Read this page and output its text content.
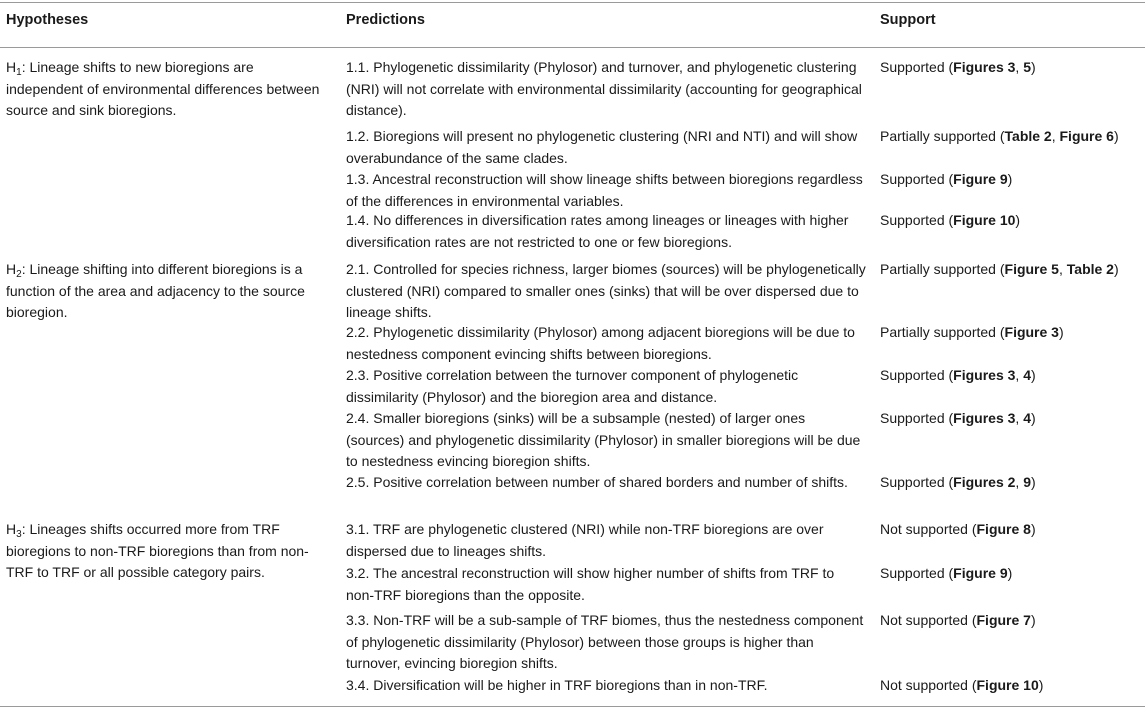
Hypotheses	Predictions	Support
$H_1$: Lineage shifts to new bioregions are independent of environmental differences between source and sink bioregions.
$H_2$: Lineage shifting into different bioregions is a function of the area and adjacency to the source bioregion.
$H_3$: Lineages shifts occurred more from TRF bioregions to non-TRF bioregions than from non-TRF to TRF or all possible category pairs.
1.1. Phylogenetic dissimilarity (Phylosor) and turnover, and phylogenetic clustering (NRI) will not correlate with environmental dissimilarity (accounting for geographical distance).
1.2. Bioregions will present no phylogenetic clustering (NRI and NTI) and will show overabundance of the same clades.
1.3. Ancestral reconstruction will show lineage shifts between bioregions regardless of the differences in environmental variables.
1.4. No differences in diversification rates among lineages or lineages with higher diversification rates are not restricted to one or few bioregions.
2.1. Controlled for species richness, larger biomes (sources) will be phylogenetically clustered (NRI) compared to smaller ones (sinks) that will be over dispersed due to lineage shifts.
2.2. Phylogenetic dissimilarity (Phylosor) among adjacent bioregions will be due to nestedness component evincing shifts between bioregions.
2.3. Positive correlation between the turnover component of phylogenetic dissimilarity (Phylosor) and the bioregion area and distance.
2.4. Smaller bioregions (sinks) will be a subsample (nested) of larger ones (sources) and phylogenetic dissimilarity (Phylosor) in smaller bioregions will be due to nestedness evincing bioregion shifts.
2.5. Positive correlation between number of shared borders and number of shifts.
3.1. TRF are phylogenetic clustered (NRI) while non-TRF bioregions are over dispersed due to lineages shifts.
3.2. The ancestral reconstruction will show higher number of shifts from TRF to non-TRF bioregions than the opposite.
3.3. Non-TRF will be a sub-sample of TRF biomes, thus the nestedness component of phylogenetic dissimilarity (Phylosor) between those groups is higher than turnover, evincing bioregion shifts.
3.4. Diversification will be higher in TRF bioregions than in non-TRF.
Supported (Figures 3, 5)
Partially supported (Table 2, Figure 6)
Supported (Figure 9)
Supported (Figure 10)
Partially supported (Figure 5, Table 2)
Partially supported (Figure 3)
Supported (Figures 3, 4)
Supported (Figures 3, 4)
Supported (Figures 2, 9)
Not supported (Figure 8)
Supported (Figure 9)
Not supported (Figure 7)
Not supported (Figure 10)
